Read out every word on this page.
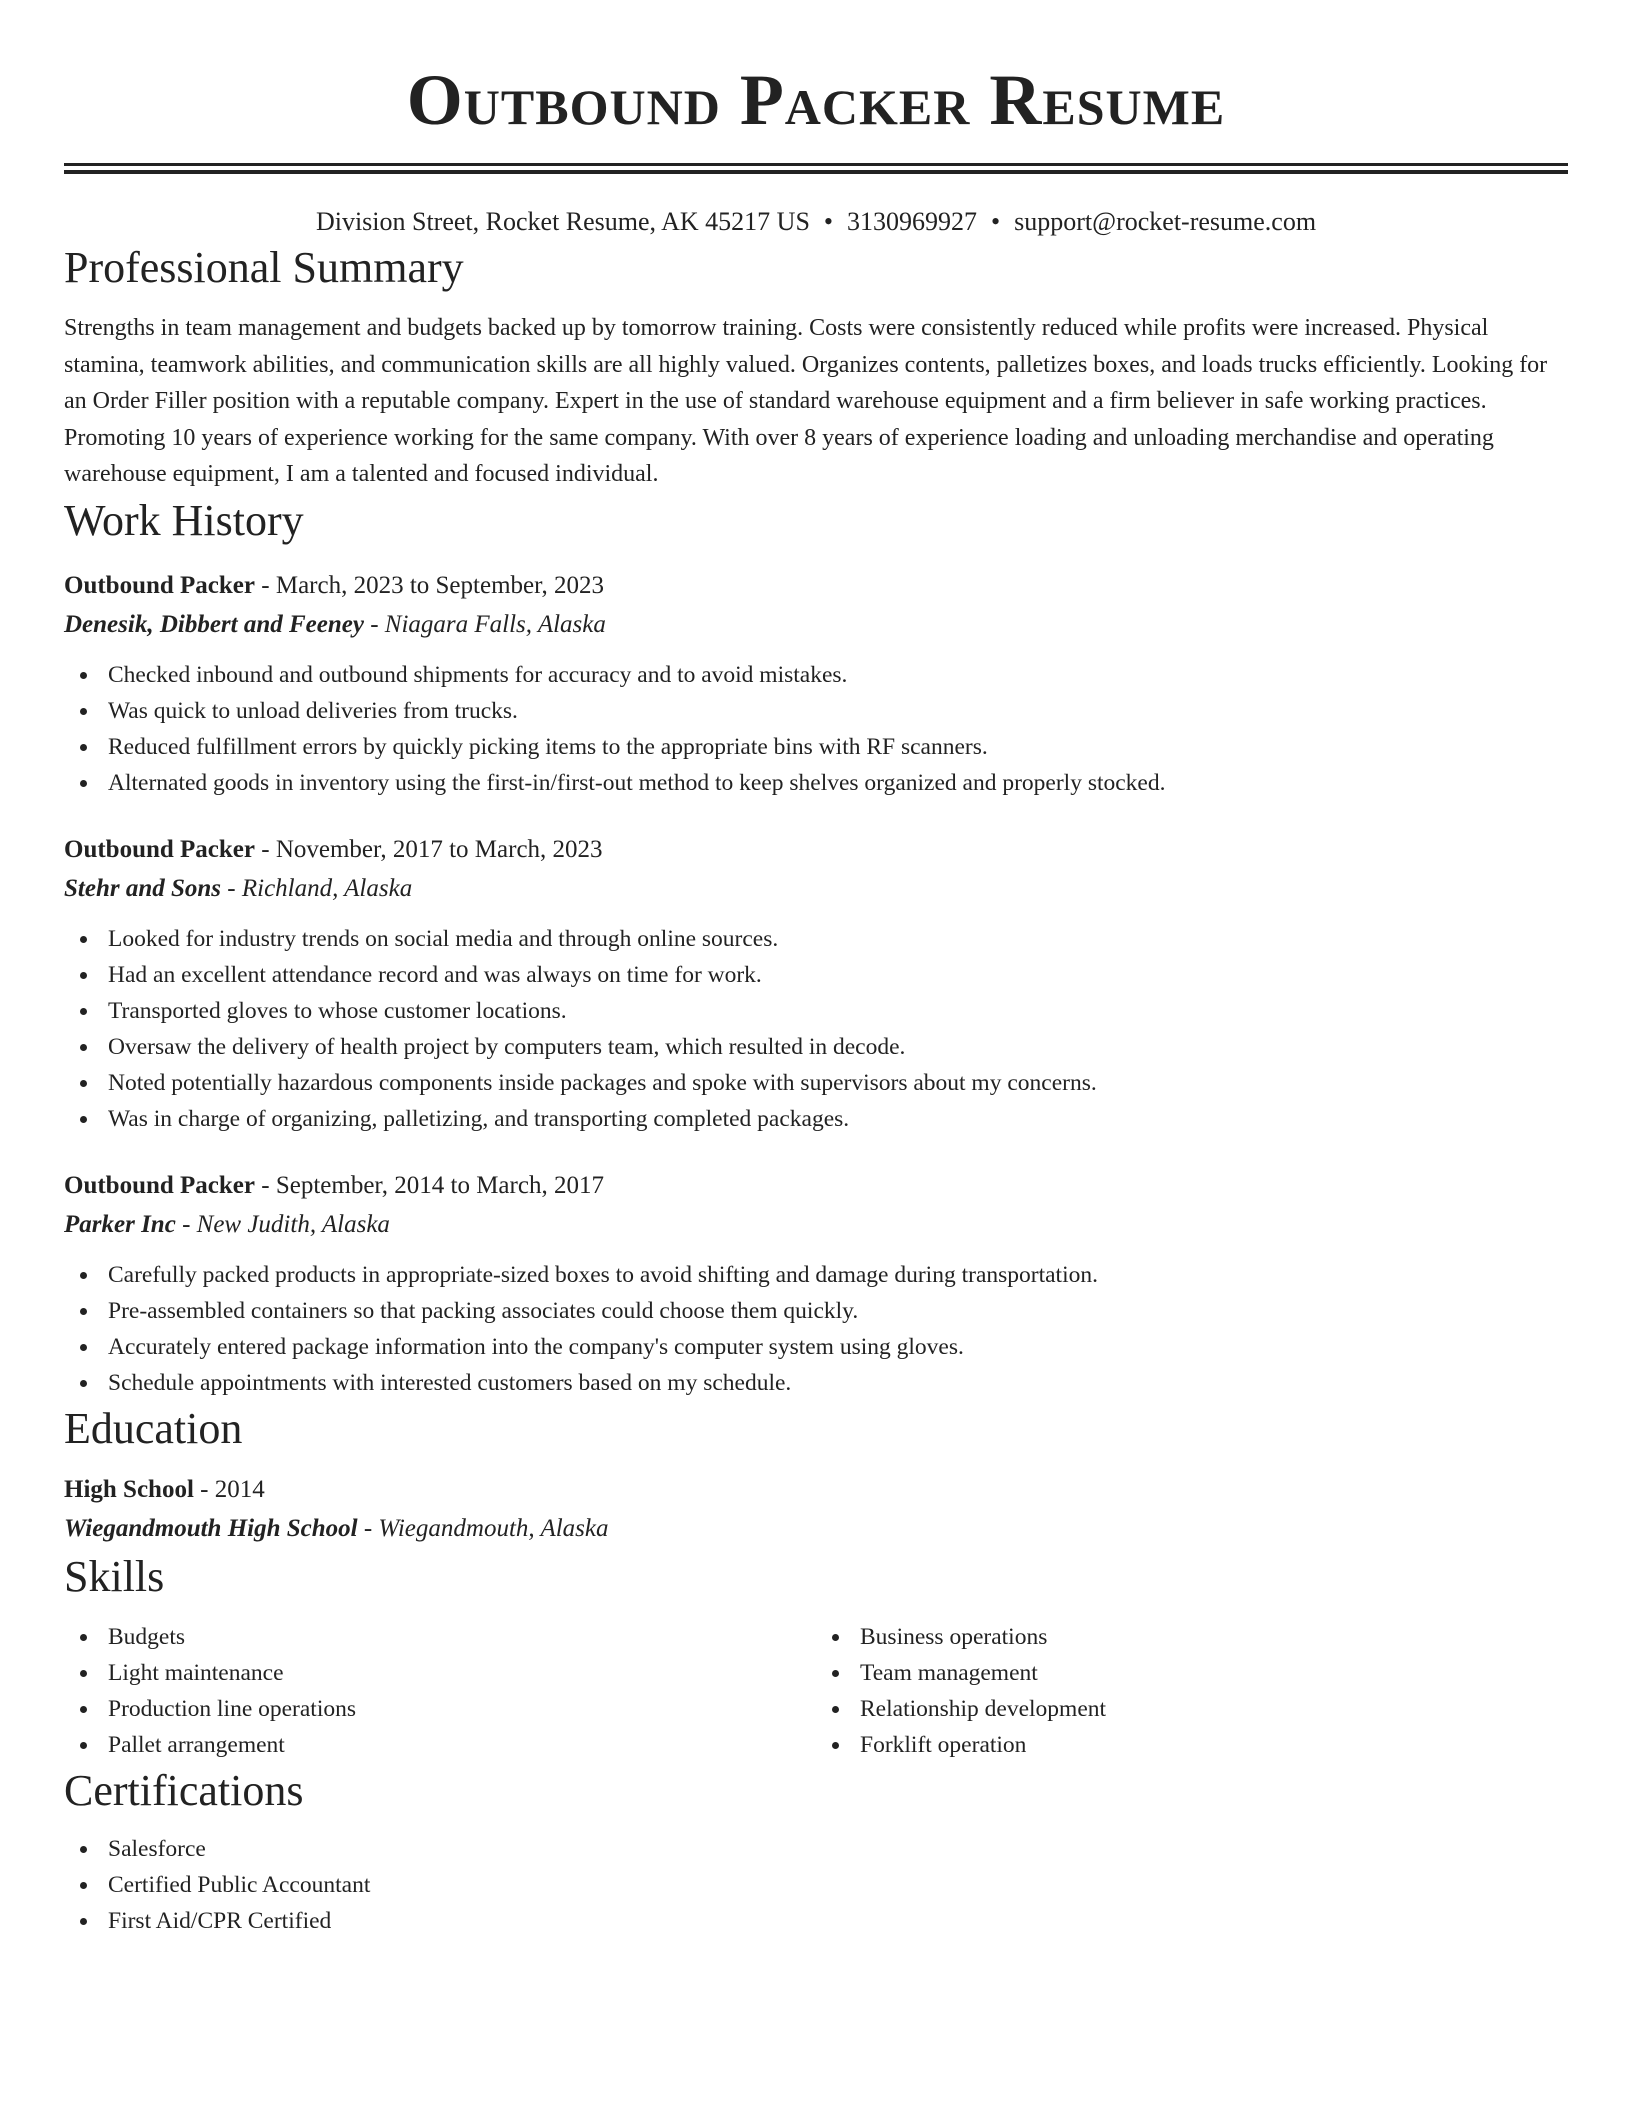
Outbound Packer Resume
Division Street, Rocket Resume, AK 45217 US • 3130969927 • support@rocket-resume.com
Professional Summary

Strengths in team management and budgets backed up by tomorrow training. Costs were consistently reduced while profits were increased. Physical stamina, teamwork abilities, and communication skills are all highly valued. Organizes contents, palletizes boxes, and loads trucks efficiently. Looking for an Order Filler position with a reputable company. Expert in the use of standard warehouse equipment and a firm believer in safe working practices. Promoting 10 years of experience working for the same company. With over 8 years of experience loading and unloading merchandise and operating warehouse equipment, I am a talented and focused individual.

Work History
Outbound Packer - March, 2023 to September, 2023
Denesik, Dibbert and Feeney - Niagara Falls, Alaska
Checked inbound and outbound shipments for accuracy and to avoid mistakes.
Was quick to unload deliveries from trucks.
Reduced fulfillment errors by quickly picking items to the appropriate bins with RF scanners.
Alternated goods in inventory using the first-in/first-out method to keep shelves organized and properly stocked.
Outbound Packer - November, 2017 to March, 2023
Stehr and Sons - Richland, Alaska
Looked for industry trends on social media and through online sources.
Had an excellent attendance record and was always on time for work.
Transported gloves to whose customer locations.
Oversaw the delivery of health project by computers team, which resulted in decode.
Noted potentially hazardous components inside packages and spoke with supervisors about my concerns.
Was in charge of organizing, palletizing, and transporting completed packages.
Outbound Packer - September, 2014 to March, 2017
Parker Inc - New Judith, Alaska
Carefully packed products in appropriate-sized boxes to avoid shifting and damage during transportation.
Pre-assembled containers so that packing associates could choose them quickly.
Accurately entered package information into the company's computer system using gloves.
Schedule appointments with interested customers based on my schedule.
Education
High School - 2014
Wiegandmouth High School - Wiegandmouth, Alaska
Skills
Budgets
Light maintenance
Production line operations
Pallet arrangement
Business operations
Team management
Relationship development
Forklift operation
Certifications
Salesforce
Certified Public Accountant
First Aid/CPR Certified
